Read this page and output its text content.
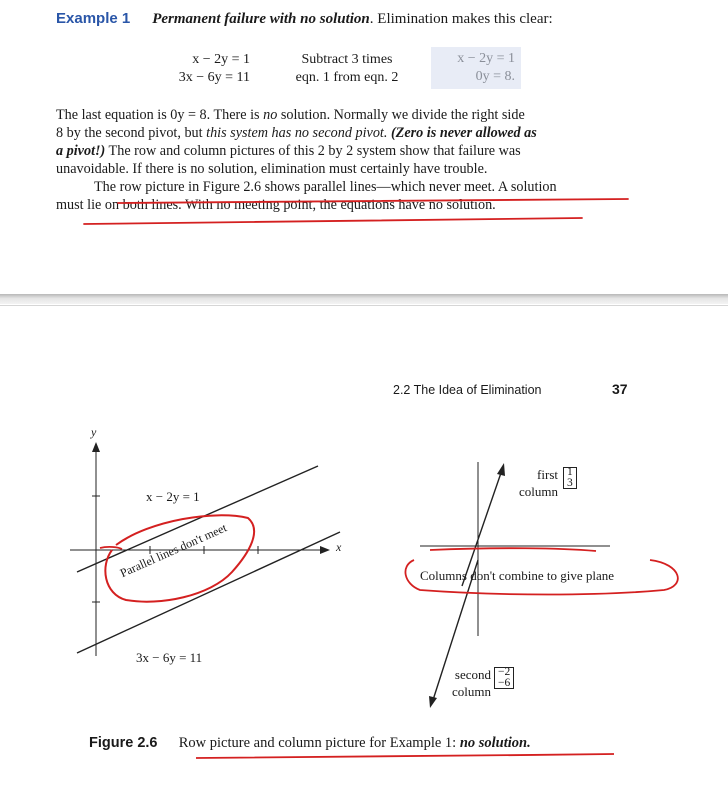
Example 1 Permanent failure with no solution. Elimination makes this clear:
x − 2y = 1
3x − 6y = 11
Subtract 3 times
eqn. 1 from eqn. 2
x − 2y = 1
0y = 8.
The last equation is 0y = 8. There is no solution. Normally we divide the right side
8 by the second pivot, but this system has no second pivot. (Zero is never allowed as
a pivot!) The row and column pictures of this 2 by 2 system show that failure was
unavoidable. If there is no solution, elimination must certainly have trouble.
The row picture in Figure 2.6 shows parallel lines—which never meet. A solution
must lie on both lines. With no meeting point, the equations have no solution.
2.2 The Idea of Elimination	37
y
x
x − 2y = 1
3x − 6y = 11
Parallel lines don't meet
first
column
1
3
second
column
−2
−6
Columns don't combine to give plane
Figure 2.6 Row picture and column picture for Example 1: no solution.
